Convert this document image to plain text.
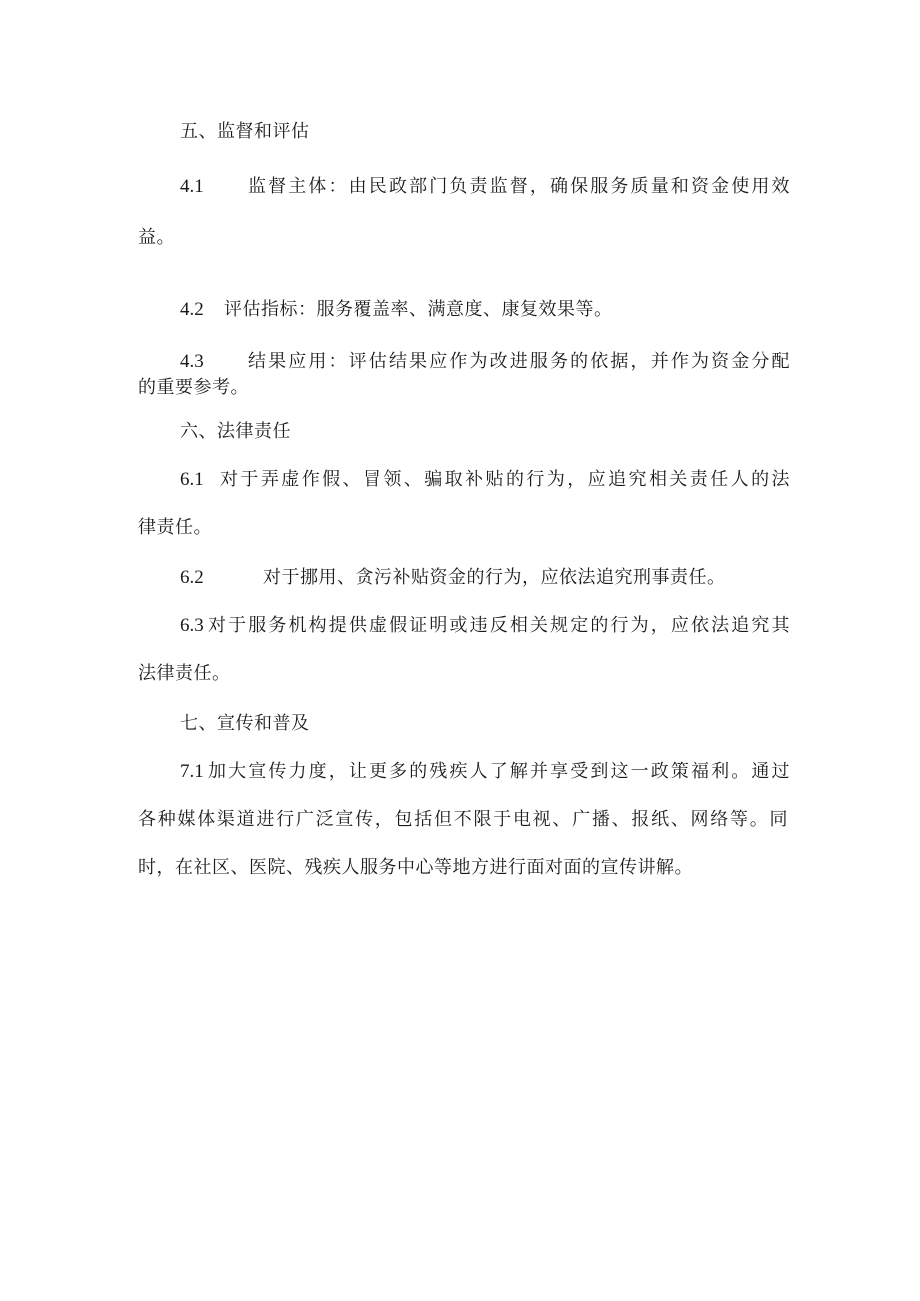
五、监督和评估
4.1 监督主体：由民政部门负责监督，确保服务质量和资金使用效
益。
4.2 评估指标：服务覆盖率、满意度、康复效果等。
4.3 结果应用：评估结果应作为改进服务的依据，并作为资金分配
的重要参考。
六、法律责任
6.1 对于弄虚作假、冒领、骗取补贴的行为，应追究相关责任人的法
律责任。
6.2	对于挪用、贪污补贴资金的行为，应依法追究刑事责任。
6.3 对于服务机构提供虚假证明或违反相关规定的行为，应依法追究其
法律责任。
七、宣传和普及
7.1 加大宣传力度，让更多的残疾人了解并享受到这一政策福利。通过
各种媒体渠道进行广泛宣传，包括但不限于电视、广播、报纸、网络等。同
时，在社区、医院、残疾人服务中心等地方进行面对面的宣传讲解。
